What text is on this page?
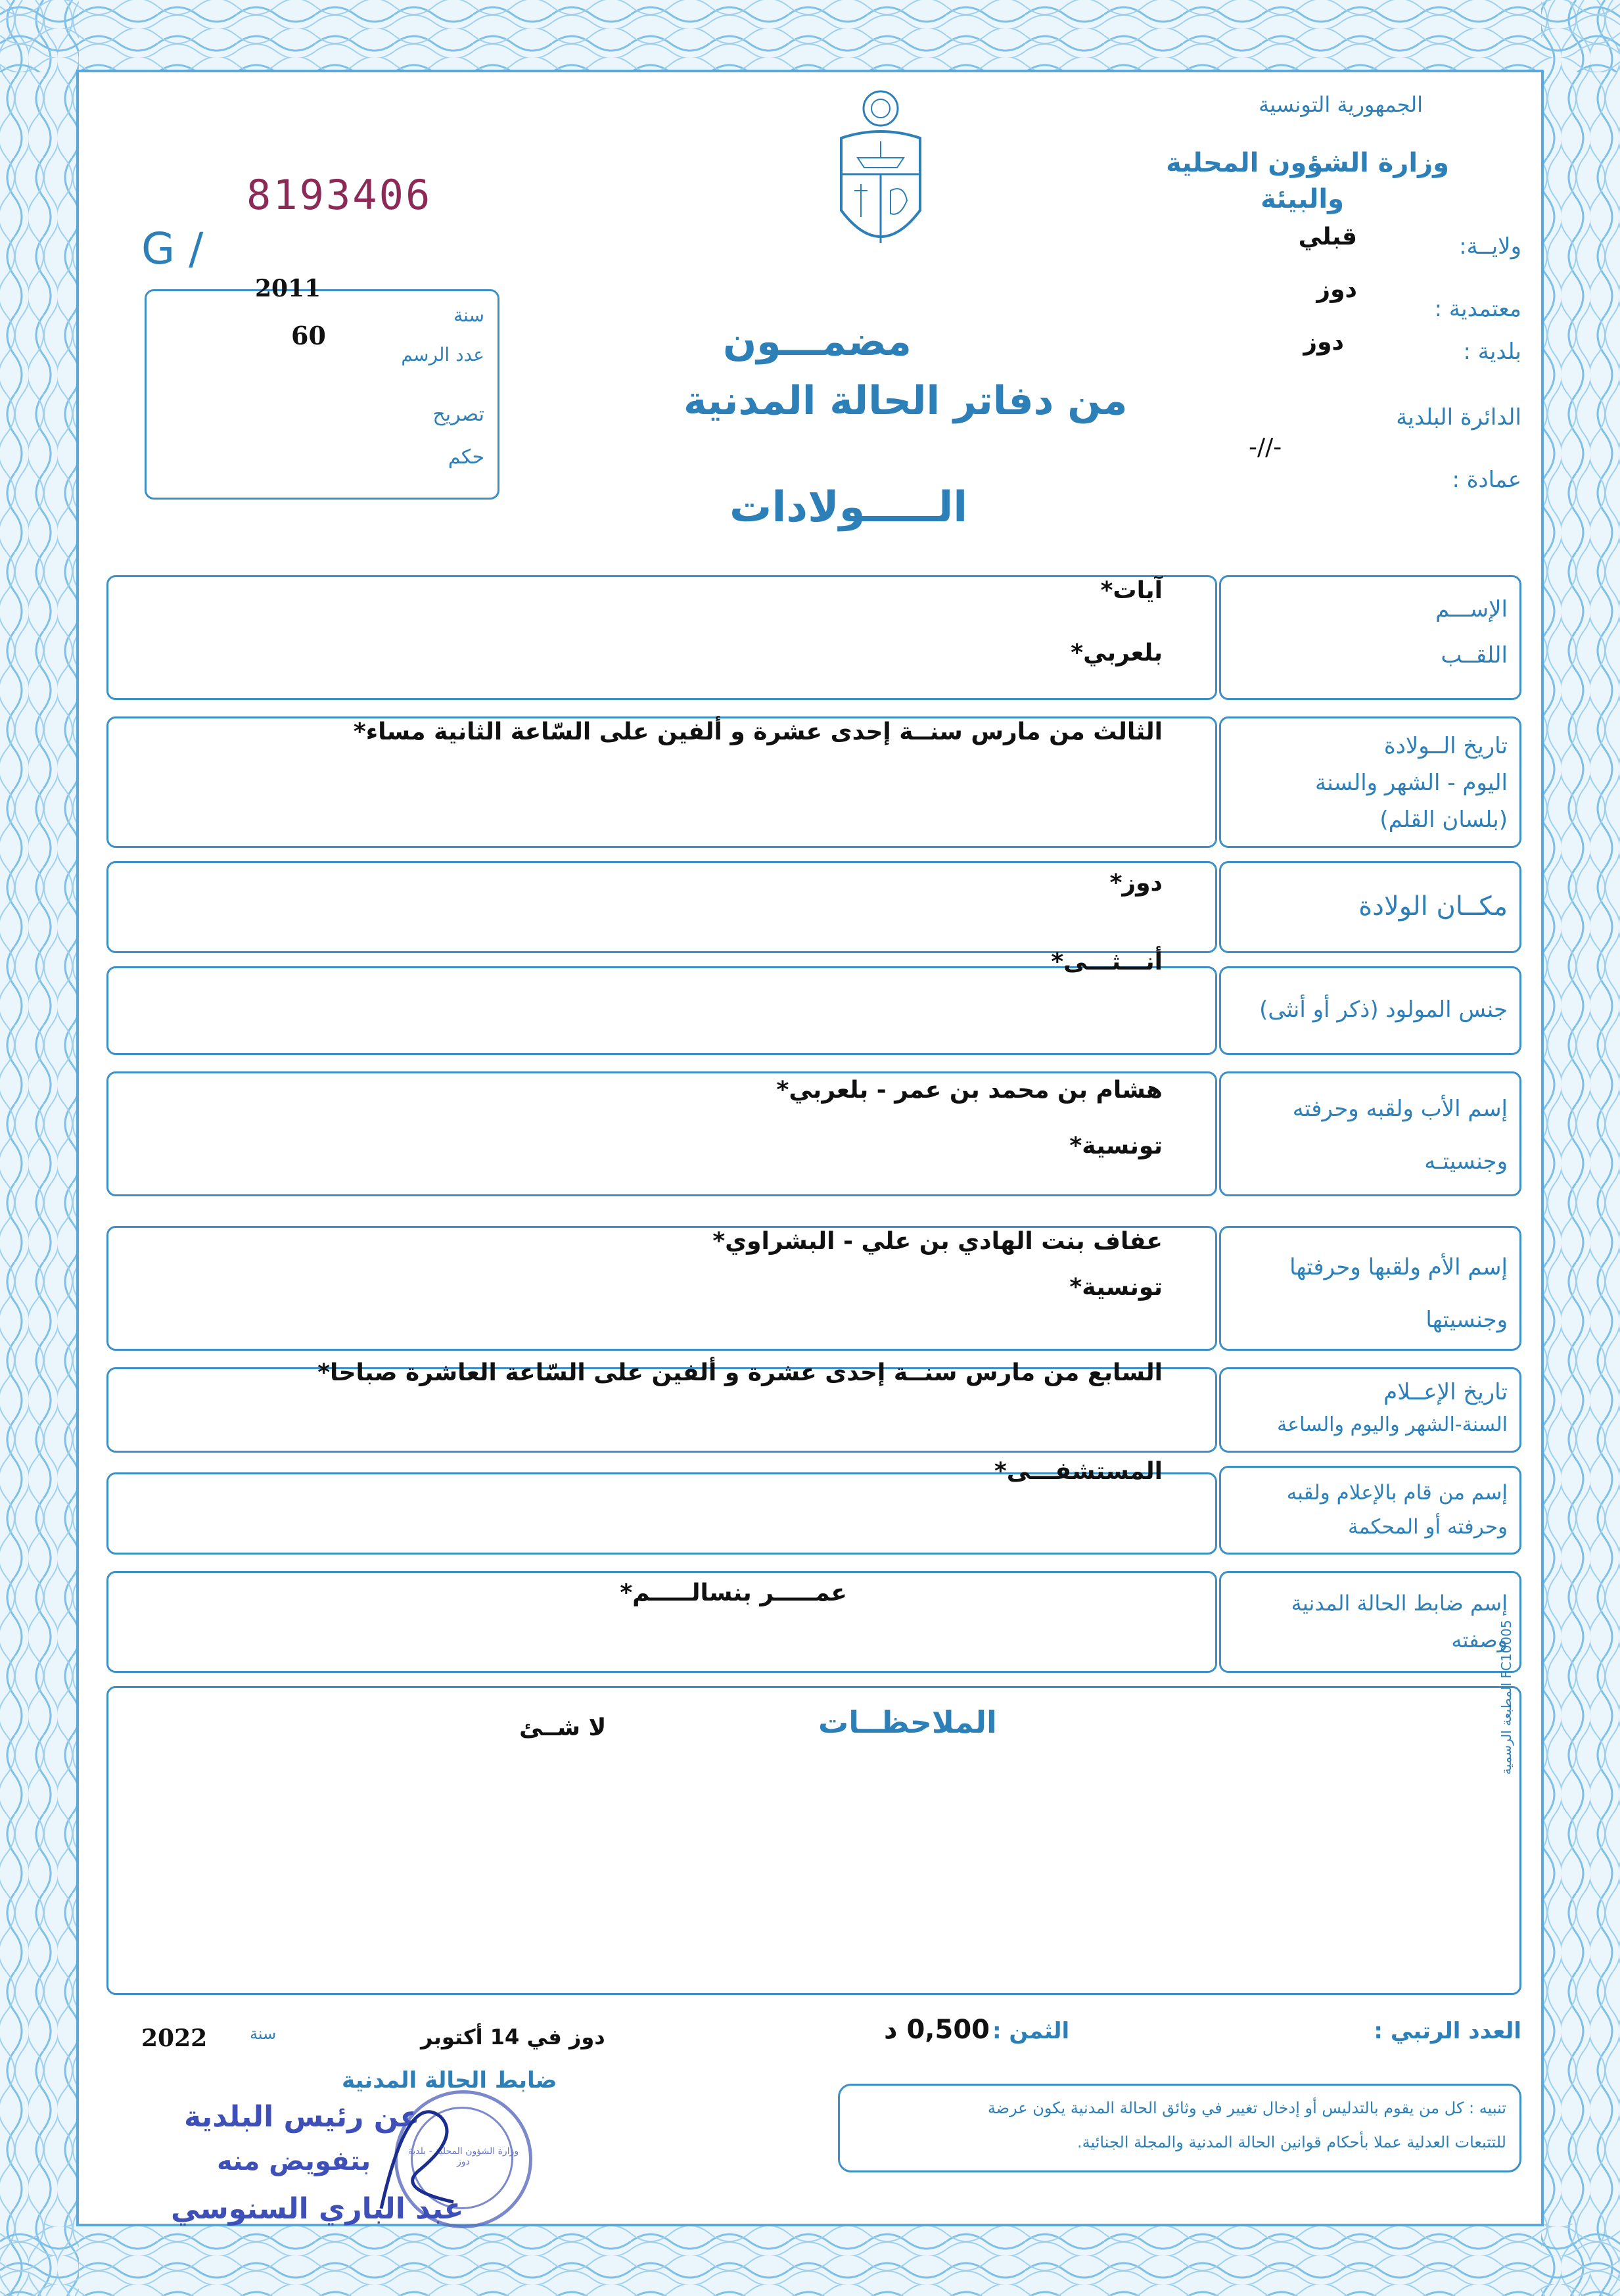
8193406
G /
الجمهورية التونسية
وزارة الشؤون المحلية
والبيئة
ولايــة:
قبلي
معتمدية :
دوز
بلدية :
دوز
الدائرة البلدية
-//-
عمادة :
مضمـــون
من دفاتر الحالة المدنية
الـــــولادات
سنة
2011
عدد الرسم
60
تصريح
حكم
الإســـم
اللقــب
آيات*
بلعربي*
تاريخ الــولادة
اليوم - الشهر والسنة
(بلسان القلم)
الثالث من مارس سنــة إحدى عشرة و ألفين على السّاعة الثانية مساء*
مكــان الولادة
دوز*
جنس المولود (ذكر أو أنثى)
أنـــثـــى*
إسم الأب ولقبه وحرفته
وجنسيتـه
هشام بن محمد بن عمر - بلعربي*
تونسية*
إسم الأم ولقبها وحرفتها
وجنسيتها
عفاف بنت الهادي بن علي - البشراوي*
تونسية*
تاريخ الإعــلام
السنة-الشهر واليوم والساعة
السابع من مارس سنــة إحدى عشرة و ألفين على السّاعة العاشرة صباحا*
إسم من قام بالإعلام ولقبه
وحرفته أو المحكمة
المستشفـــى*
إسم ضابط الحالة المدنية
وصفته
عمـــــر بنسالـــــم*
الملاحظــات
لا شــئ	المطبعة الرسمية FC10005
العدد الرتبي :
الثمن :
0,500 د
دوز في 14 أكتوبر
سنة
2022
ضابط الحالة المدنية
تنبيه : كل من يقوم بالتدليس أو إدخال تغيير في وثائق الحالة المدنية يكون عرضة
للتتبعات العدلية عملا بأحكام قوانين الحالة المدنية والمجلة الجنائية.
وزارة الشؤون المحلية - بلدية دوز
عن رئيس البلدية
بتفويض منه
عبد الباري السنوسي
